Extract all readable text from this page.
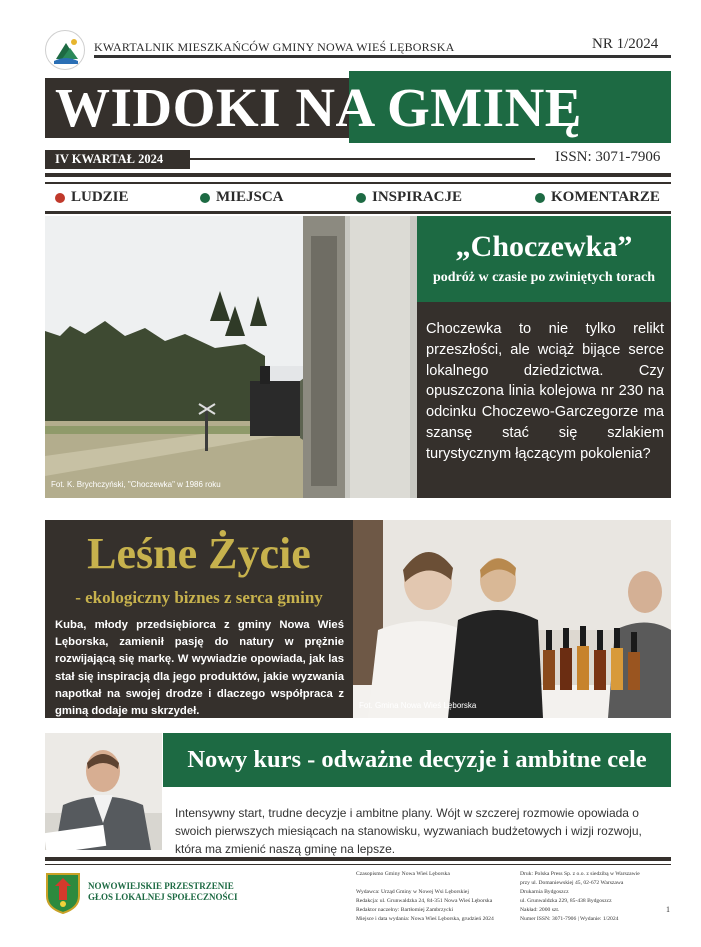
KWARTALNIK MIESZKAŃCÓW GMINY NOWA WIEŚ LĘBORSKA	NR 1/2024
WIDOKI NA GMINĘ
IV KWARTAŁ 2024	ISSN: 3071-7906
LUDZIE	MIEJSCA	INSPIRACJE	KOMENTARZE
Fot. K. Brychczyński, "Choczewka" w 1986 roku
„Choczewka”
podróż w czasie po zwiniętych torach
Choczewka to nie tylko relikt przeszłości, ale wciąż bijące serce lokalnego dziedzictwa. Czy opuszczona linia kolejowa nr 230 na odcinku Choczewo-Garczegorze ma szansę stać się szlakiem turystycznym łączącym pokolenia?
Leśne Życie
- ekologiczny biznes z serca gminy
Kuba, młody przedsiębiorca z gminy Nowa Wieś Lęborska, zamienił pasję do natury w prężnie rozwijającą się markę. W wywiadzie opowiada, jak las stał się inspiracją dla jego produktów, jakie wyzwania napotkał na swojej drodze i dlaczego współpraca z gminą dodaje mu skrzydeł.	Fot. Gmina Nowa Wieś Lęborska
Nowy kurs - odważne decyzje i ambitne cele
Intensywny start, trudne decyzje i ambitne plany. Wójt w szczerej rozmowie opowiada o swoich pierwszych miesiącach na stanowisku, wyzwaniach budżetowych i wizji rozwoju, która ma zmienić naszą gminę na lepsze.
NOWOWIEJSKIE PRZESTRZENIE
GŁOS LOKALNEJ SPOŁECZNOŚCI
Czasopismo Gminy Nowa Wieś Lęborska

Wydawca: Urząd Gminy w Nowej Wsi Lęborskiej
Redakcja: ul. Grunwaldzka 24, 84-351 Nowa Wieś Lęborska
Redaktor naczelny: Bartłomiej Zambrzycki
Miejsce i data wydania: Nowa Wieś Lęborska, grudzień 2024
Druk: Polska Press Sp. z o.o. z siedzibą w Warszawie
przy ul. Domaniewskiej 45, 02-672 Warszawa
Drukarnia Bydgoszcz
ul. Grunwaldzka 229, 85-438 Bydgoszcz
Nakład: 2000 szt.
Numer ISSN: 3071-7906 | Wydanie: 1/2024
1
